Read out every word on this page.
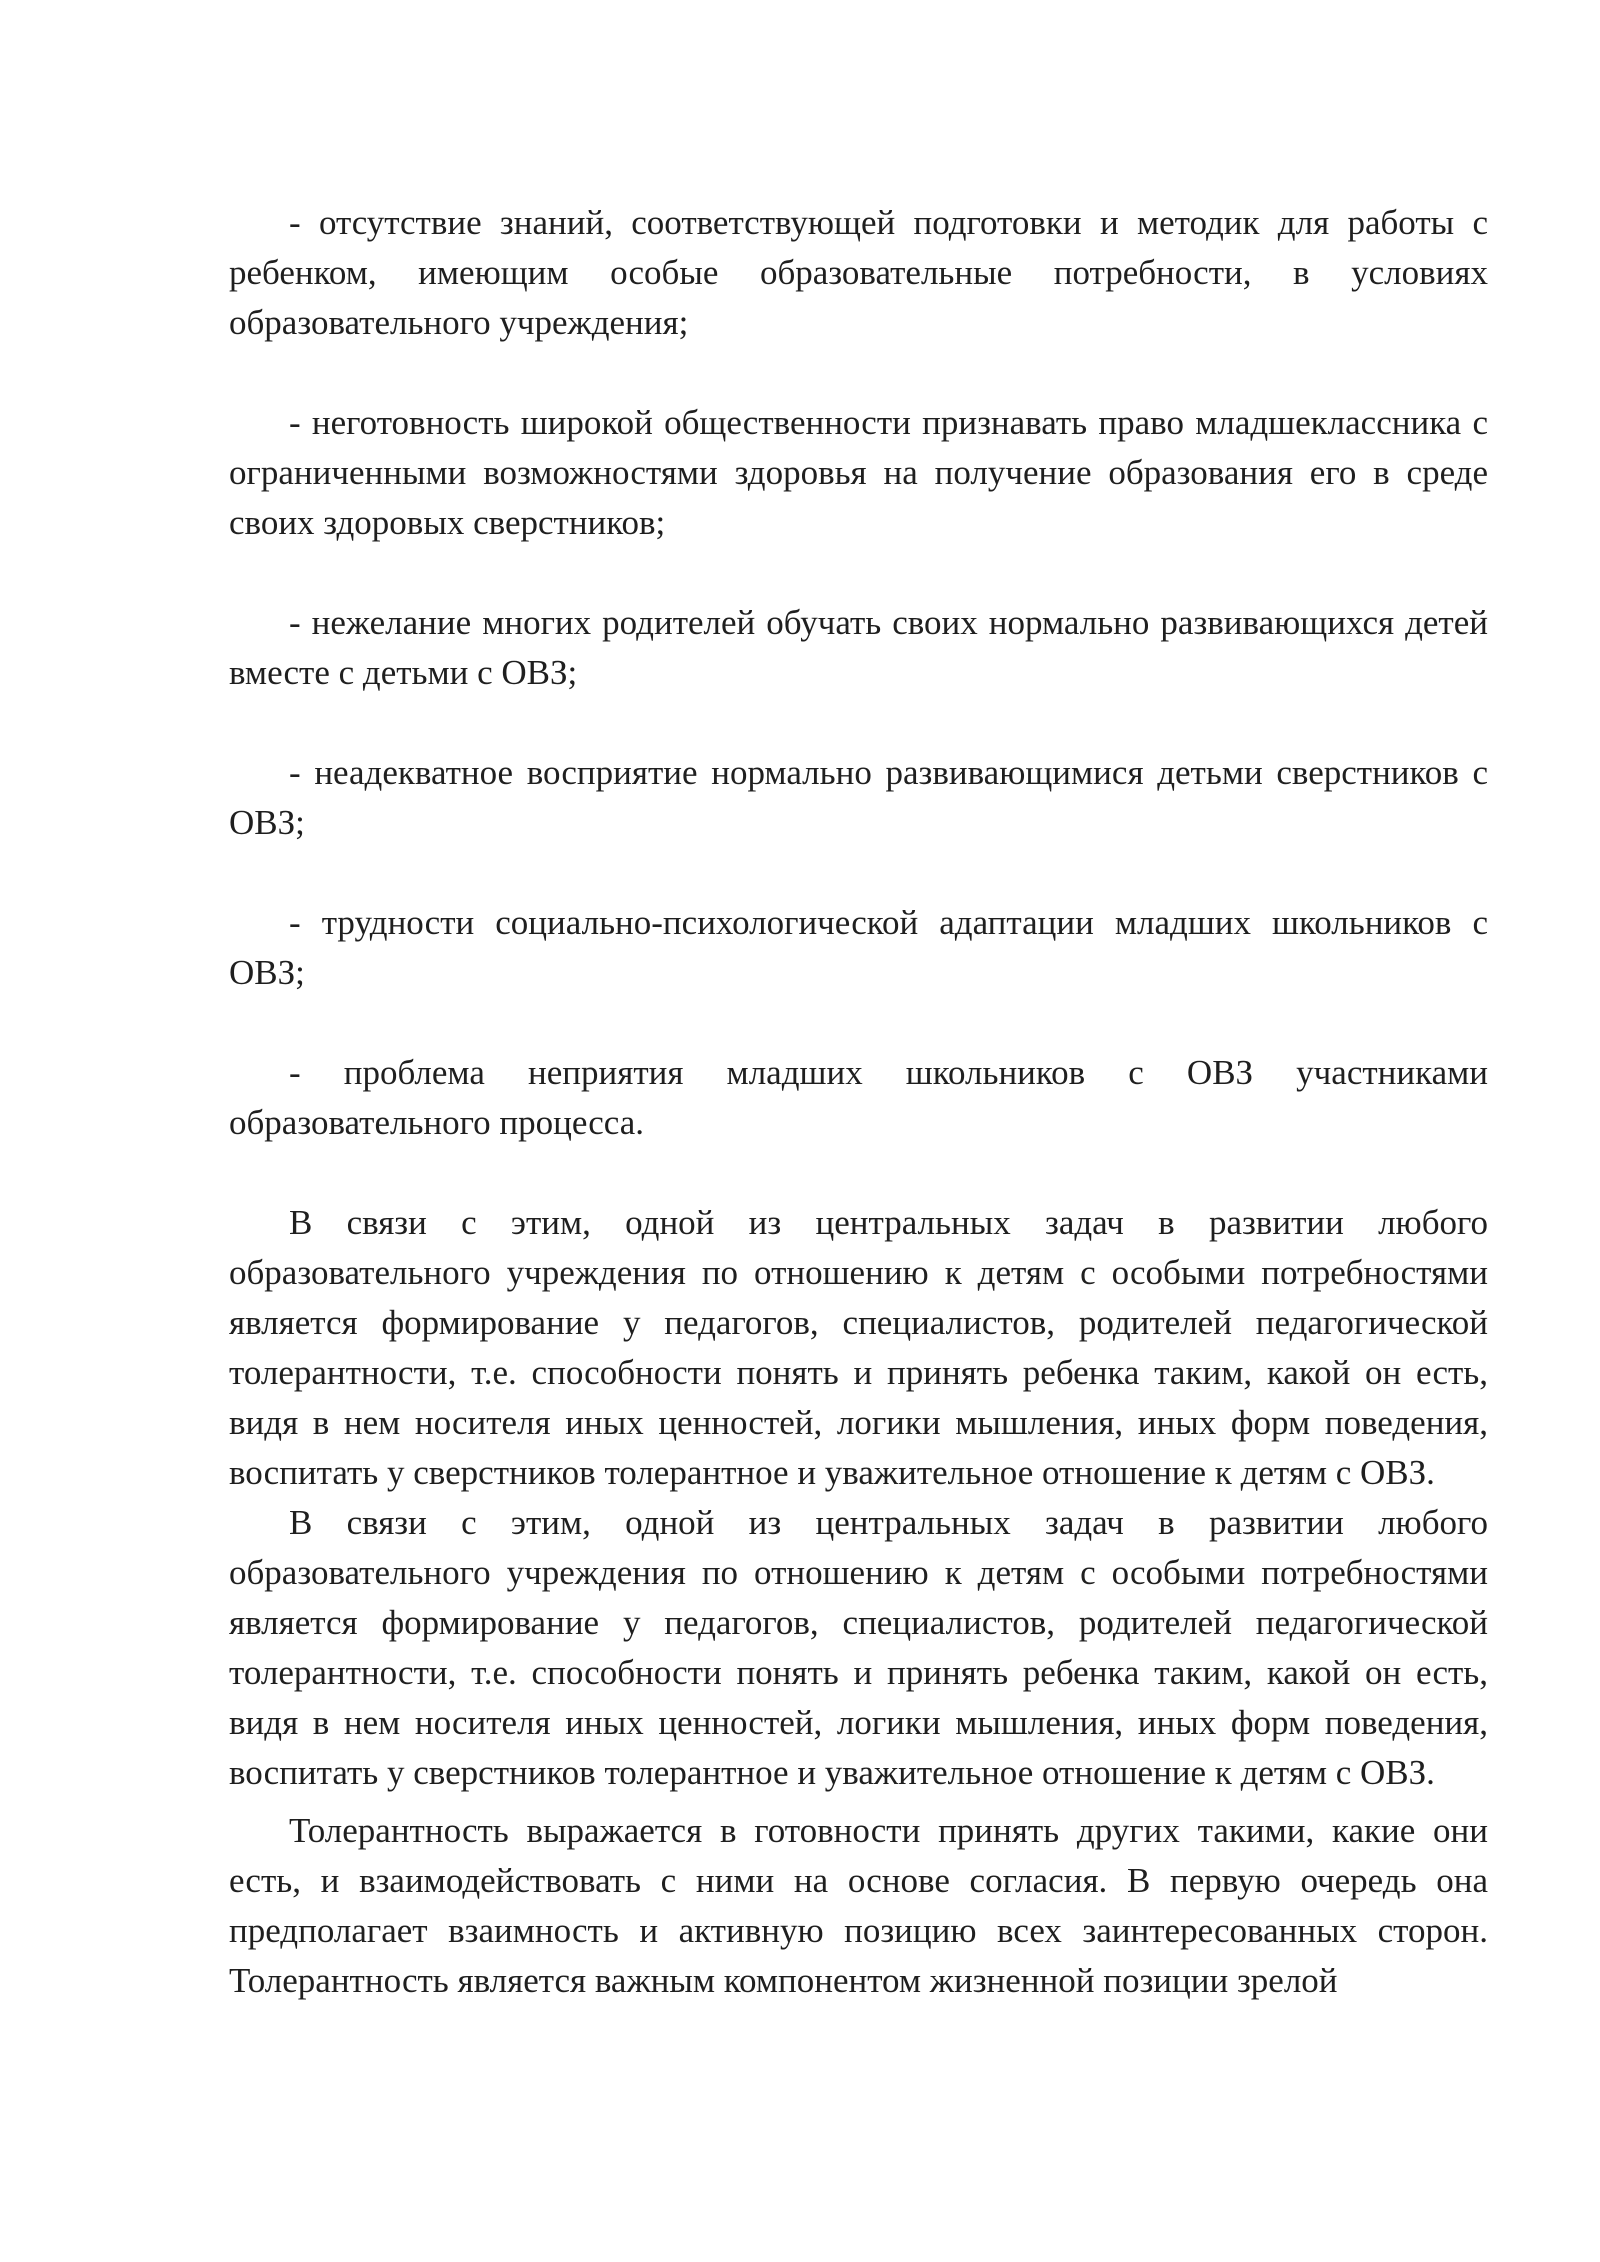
- отсутствие знаний, соответствующей подготовки и методик для работы с ребенком, имеющим особые образовательные потребности, в условиях образовательного учреждения;

- неготовность широкой общественности признавать право младшеклассника с ограниченными возможностями здоровья на получение образования его в среде своих здоровых сверстников;

- нежелание многих родителей обучать своих нормально развивающихся детей вместе с детьми с ОВЗ;

- неадекватное восприятие нормально развивающимися детьми сверстников с ОВЗ;

- трудности социально-психологической адаптации младших школьников с ОВЗ;

- проблема неприятия младших школьников с ОВЗ участниками образовательного процесса.

В связи с этим, одной из центральных задач в развитии любого образовательного учреждения по отношению к детям с особыми потребностями является формирование у педагогов, специалистов, родителей педагогической толерантности, т.е. способности понять и принять ребенка таким, какой он есть, видя в нем носителя иных ценностей, логики мышления, иных форм поведения, воспитать у сверстников толерантное и уважительное отношение к детям с ОВЗ.

В связи с этим, одной из центральных задач в развитии любого образовательного учреждения по отношению к детям с особыми потребностями является формирование у педагогов, специалистов, родителей педагогической толерантности, т.е. способности понять и принять ребенка таким, какой он есть, видя в нем носителя иных ценностей, логики мышления, иных форм поведения, воспитать у сверстников толерантное и уважительное отношение к детям с ОВЗ.

Толерантность выражается в готовности принять других такими, какие они есть, и взаимодействовать с ними на основе согласия. В первую очередь она предполагает взаимность и активную позицию всех заинтересованных сторон. Толерантность является важным компонентом жизненной позиции зрелой
